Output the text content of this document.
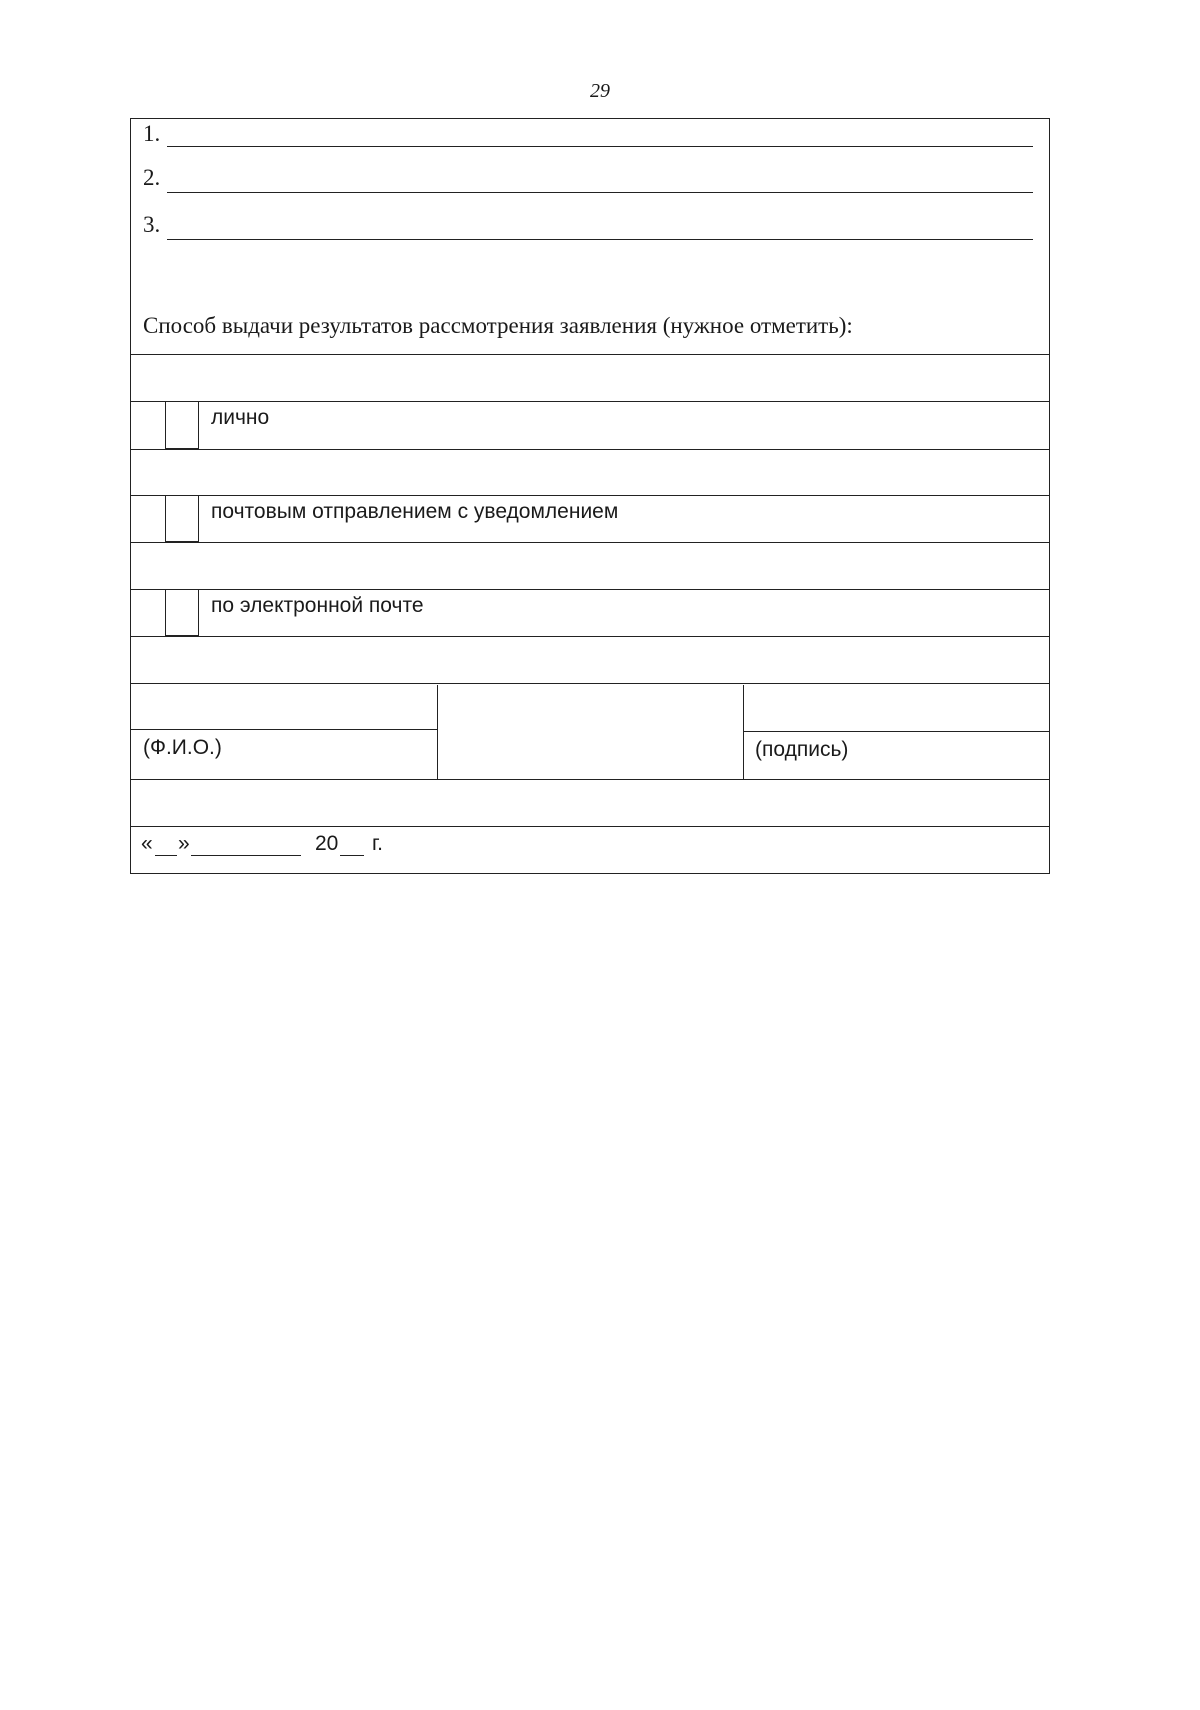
29
1.
2.
3.
Способ выдачи результатов рассмотрения заявления (нужное отметить):
лично
почтовым отправлением с уведомлением
по электронной почте
(Ф.И.О.)	(подпись)
« »	20 г.
